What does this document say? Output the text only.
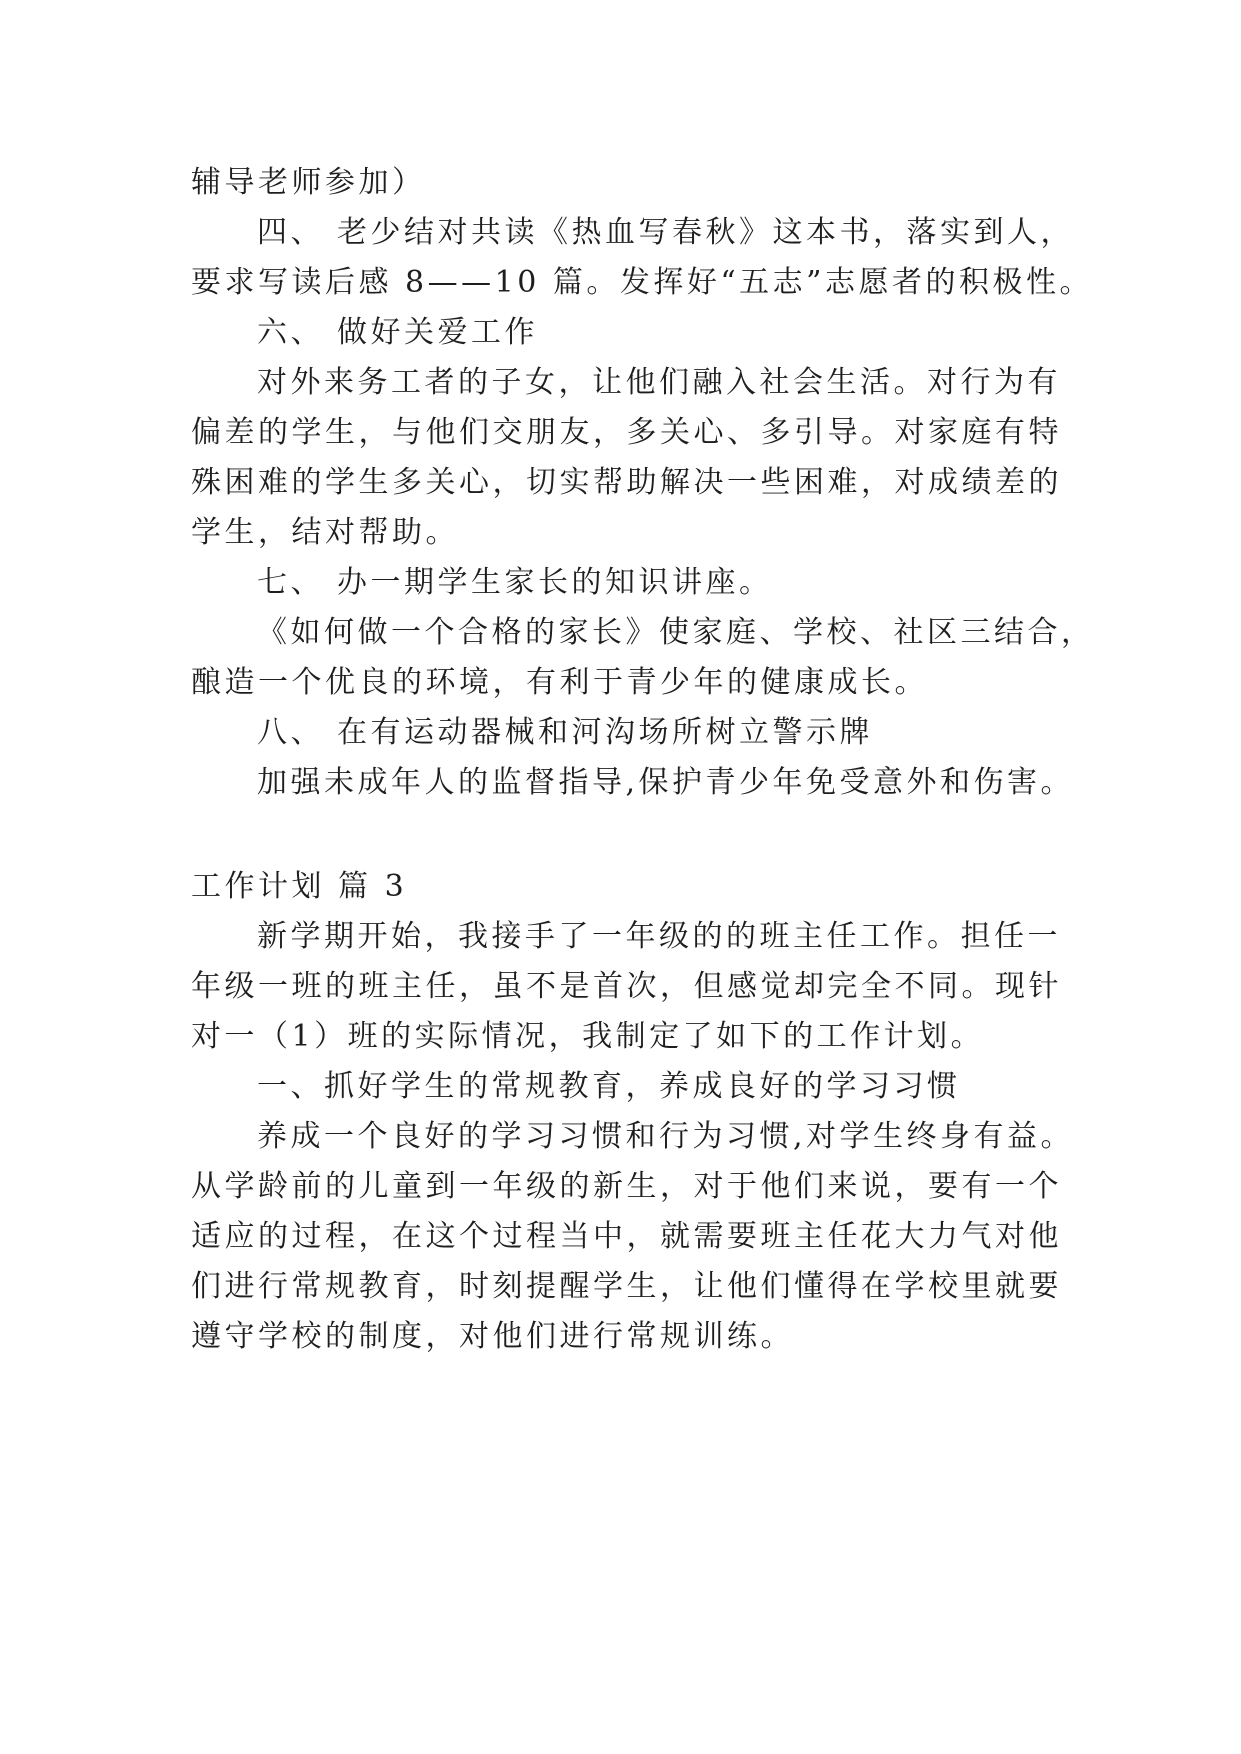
辅导老师参加）
四、 老少结对共读《热血写春秋》这本书，落实到人，
要求写读后感 8——10 篇。发挥好“五志”志愿者的积极性。
六、 做好关爱工作
对外来务工者的子女，让他们融入社会生活。对行为有
偏差的学生，与他们交朋友，多关心、多引导。对家庭有特
殊困难的学生多关心，切实帮助解决一些困难，对成绩差的
学生，结对帮助。
七、 办一期学生家长的知识讲座。
《如何做一个合格的家长》使家庭、学校、社区三结合，
酿造一个优良的环境，有利于青少年的健康成长。
八、 在有运动器械和河沟场所树立警示牌
加强未成年人的监督指导,保护青少年免受意外和伤害。
工作计划 篇 3
新学期开始，我接手了一年级的的班主任工作。担任一
年级一班的班主任，虽不是首次，但感觉却完全不同。现针
对一（1）班的实际情况，我制定了如下的工作计划。
一、抓好学生的常规教育，养成良好的学习习惯
养成一个良好的学习习惯和行为习惯,对学生终身有益。
从学龄前的儿童到一年级的新生，对于他们来说，要有一个
适应的过程，在这个过程当中，就需要班主任花大力气对他
们进行常规教育，时刻提醒学生，让他们懂得在学校里就要
遵守学校的制度，对他们进行常规训练。
